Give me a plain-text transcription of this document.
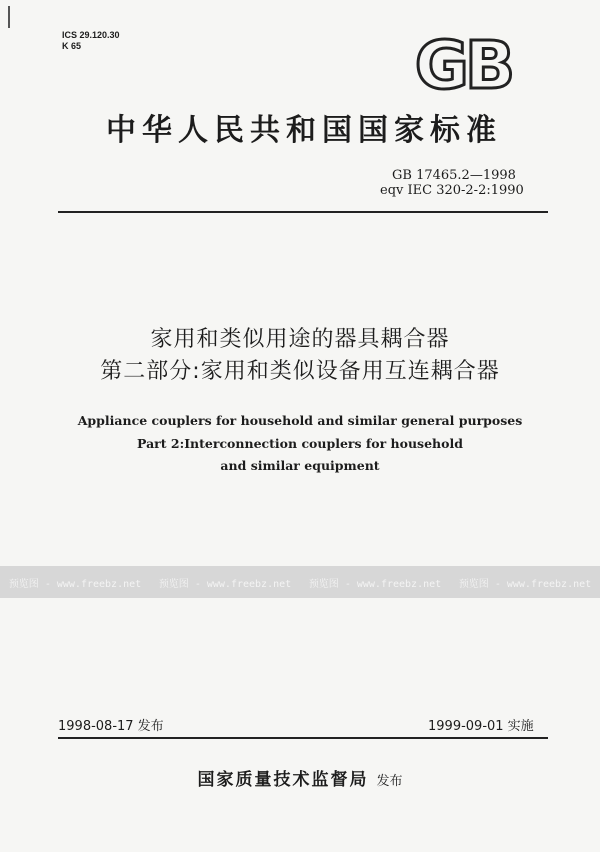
ICS 29.120.30
K 65	GB
中华人民共和国国家标准
GB 17465.2—1998
eqv IEC 320-2-2:1990
家用和类似用途的器具耦合器
第二部分:家用和类似设备用互连耦合器
Appliance couplers for household and similar general purposes
Part 2:Interconnection couplers for household
and similar equipment
预览图 - www.freebz.net 预览图 - www.freebz.net 预览图 - www.freebz.net 预览图 - www.freebz.net
1998-08-17 发布	1999-09-01 实施
国家质量技术监督局 发布
